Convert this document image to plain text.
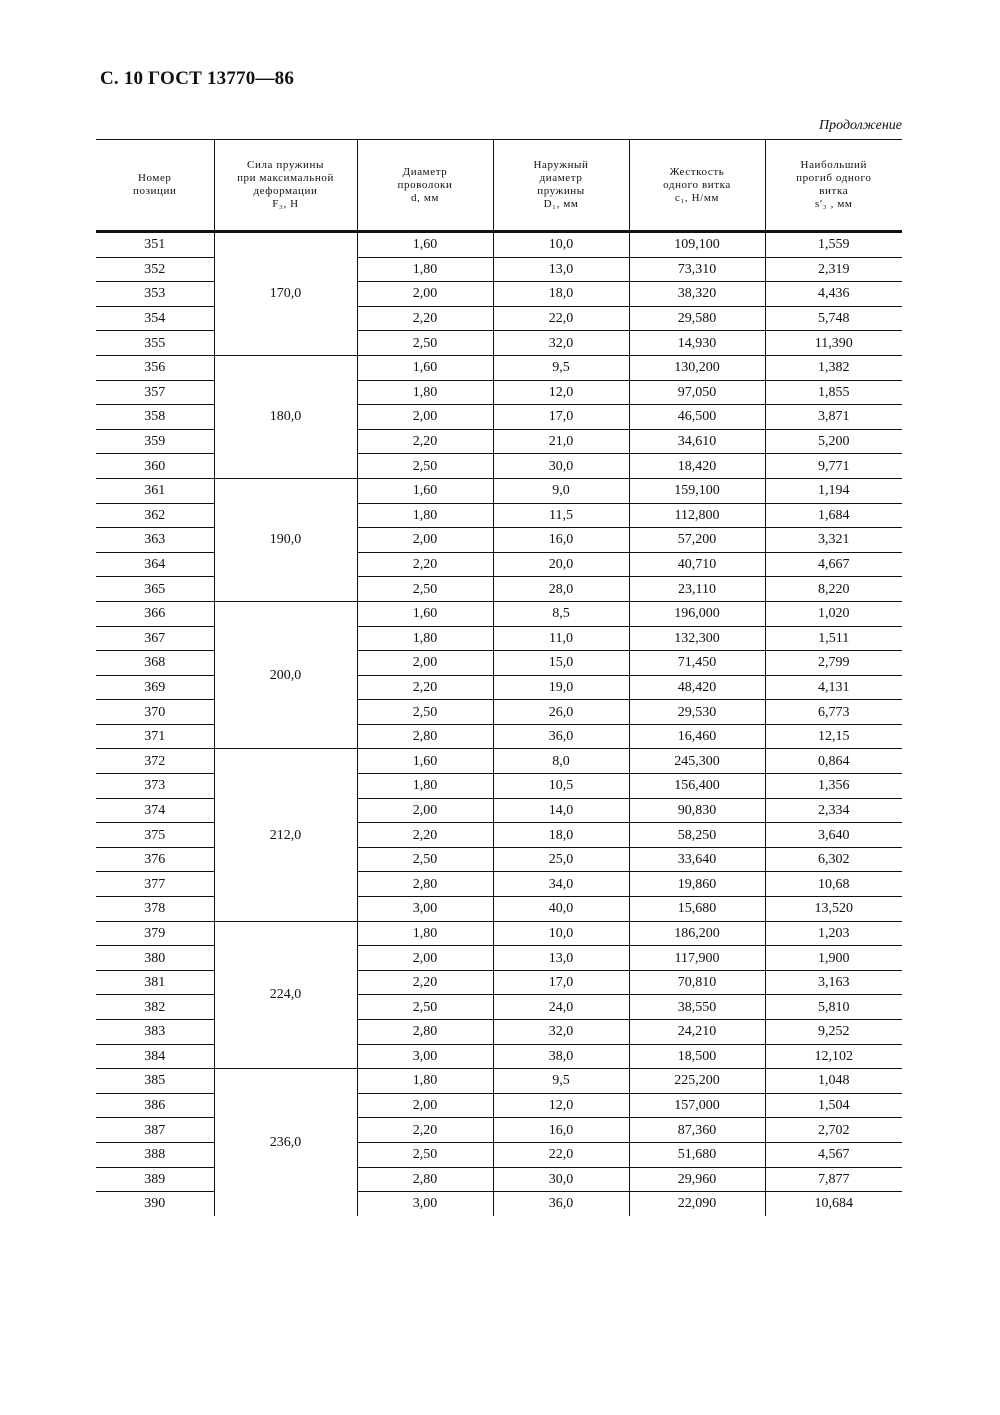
С. 10 ГОСТ 13770—86
Продолжение
Номер
позиции	Сила пружины
при максимальной
деформации
F₃, Н	Диаметр
проволоки
d, мм	Наружный
диаметр
пружины
D₁, мм	Жесткость
одного витка
c₁, Н/мм	Наибольший
прогиб одного
витка
s′₃ , мм

351	170,0	1,60	10,0	109,100	1,559
352		1,80	13,0	73,310	2,319
353		2,00	18,0	38,320	4,436
354		2,20	22,0	29,580	5,748
355		2,50	32,0	14,930	11,390
356	180,0	1,60	9,5	130,200	1,382
357		1,80	12,0	97,050	1,855
358		2,00	17,0	46,500	3,871
359		2,20	21,0	34,610	5,200
360		2,50	30,0	18,420	9,771
361	190,0	1,60	9,0	159,100	1,194
362		1,80	11,5	112,800	1,684
363		2,00	16,0	57,200	3,321
364		2,20	20,0	40,710	4,667
365		2,50	28,0	23,110	8,220
366	200,0	1,60	8,5	196,000	1,020
367		1,80	11,0	132,300	1,511
368		2,00	15,0	71,450	2,799
369		2,20	19,0	48,420	4,131
370		2,50	26,0	29,530	6,773
371		2,80	36,0	16,460	12,15
372	212,0	1,60	8,0	245,300	0,864
373		1,80	10,5	156,400	1,356
374		2,00	14,0	90,830	2,334
375		2,20	18,0	58,250	3,640
376		2,50	25,0	33,640	6,302
377		2,80	34,0	19,860	10,68
378		3,00	40,0	15,680	13,520
379	224,0	1,80	10,0	186,200	1,203
380		2,00	13,0	117,900	1,900
381		2,20	17,0	70,810	3,163
382		2,50	24,0	38,550	5,810
383		2,80	32,0	24,210	9,252
384		3,00	38,0	18,500	12,102
385	236,0	1,80	9,5	225,200	1,048
386		2,00	12,0	157,000	1,504
387		2,20	16,0	87,360	2,702
388		2,50	22,0	51,680	4,567
389		2,80	30,0	29,960	7,877
390		3,00	36,0	22,090	10,684
